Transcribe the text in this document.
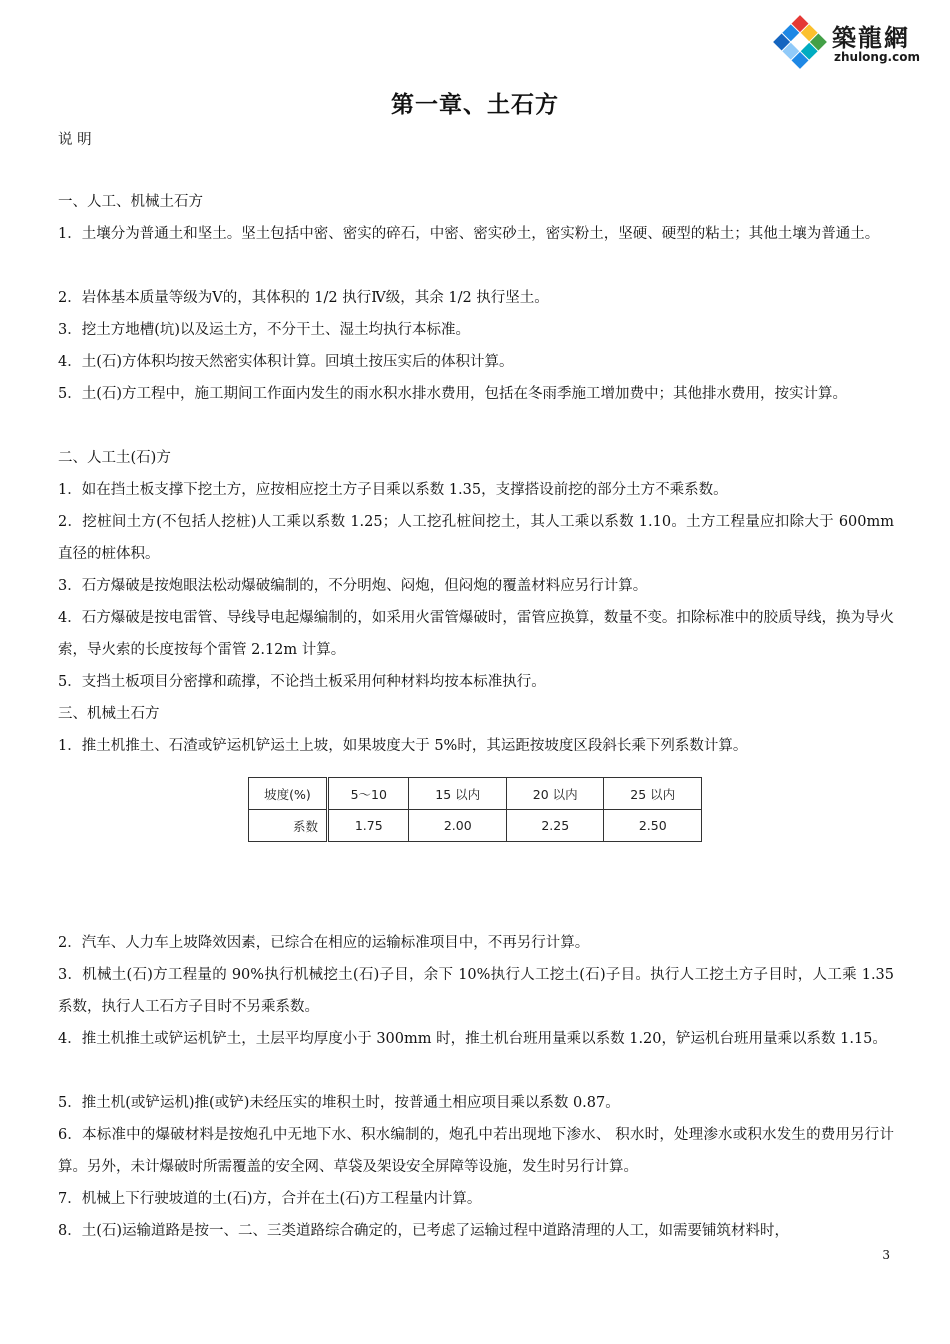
築龍網
zhulong.com
第一章、土石方
说 明
一、人工、机械土石方
1．土壤分为普通土和坚土。坚土包括中密、密实的碎石，中密、密实砂土，密实粉土，坚硬、硬型的粘土；其他土壤为普通土。
2．岩体基本质量等级为Ⅴ的，其体积的 1/2 执行Ⅳ级，其余 1/2 执行坚土。
3．挖土方地槽(坑)以及运土方，不分干土、湿土均执行本标准。
4．土(石)方体积均按天然密实体积计算。回填土按压实后的体积计算。
5．土(石)方工程中，施工期间工作面内发生的雨水积水排水费用，包括在冬雨季施工增加费中；其他排水费用，按实计算。
二、人工土(石)方
1．如在挡土板支撑下挖土方，应按相应挖土方子目乘以系数 1.35，支撑搭设前挖的部分土方不乘系数。
2．挖桩间土方(不包括人挖桩)人工乘以系数 1.25；人工挖孔桩间挖土，其人工乘以系数 1.10。土方工程量应扣除大于 600mm 直径的桩体积。
3．石方爆破是按炮眼法松动爆破编制的，不分明炮、闷炮，但闷炮的覆盖材料应另行计算。
4．石方爆破是按电雷管、导线导电起爆编制的，如采用火雷管爆破时，雷管应换算，数量不变。扣除标准中的胶质导线，换为导火索，导火索的长度按每个雷管 2.12m 计算。
5．支挡土板项目分密撑和疏撑，不论挡土板采用何种材料均按本标准执行。
三、机械土石方
1．推土机推土、石渣或铲运机铲运土上坡，如果坡度大于 5%时，其运距按坡度区段斜长乘下列系数计算。
坡度(%)	5～10	15 以内	20 以内	25 以内
系数	1.75	2.00	2.25	2.50
2．汽车、人力车上坡降效因素，已综合在相应的运输标准项目中，不再另行计算。
3．机械土(石)方工程量的 90%执行机械挖土(石)子目，余下 10%执行人工挖土(石)子目。执行人工挖土方子目时，人工乘 1.35 系数，执行人工石方子目时不另乘系数。
4．推土机推土或铲运机铲土，土层平均厚度小于 300mm 时，推土机台班用量乘以系数 1.20，铲运机台班用量乘以系数 1.15。
5．推土机(或铲运机)推(或铲)未经压实的堆积土时，按普通土相应项目乘以系数 0.87。
6．本标准中的爆破材料是按炮孔中无地下水、积水编制的，炮孔中若出现地下渗水、 积水时，处理渗水或积水发生的费用另行计算。另外，未计爆破时所需覆盖的安全网、草袋及架设安全屏障等设施，发生时另行计算。
7．机械上下行驶坡道的土(石)方，合并在土(石)方工程量内计算。
8．土(石)运输道路是按一、二、三类道路综合确定的，已考虑了运输过程中道路清理的人工，如需要铺筑材料时，
3
